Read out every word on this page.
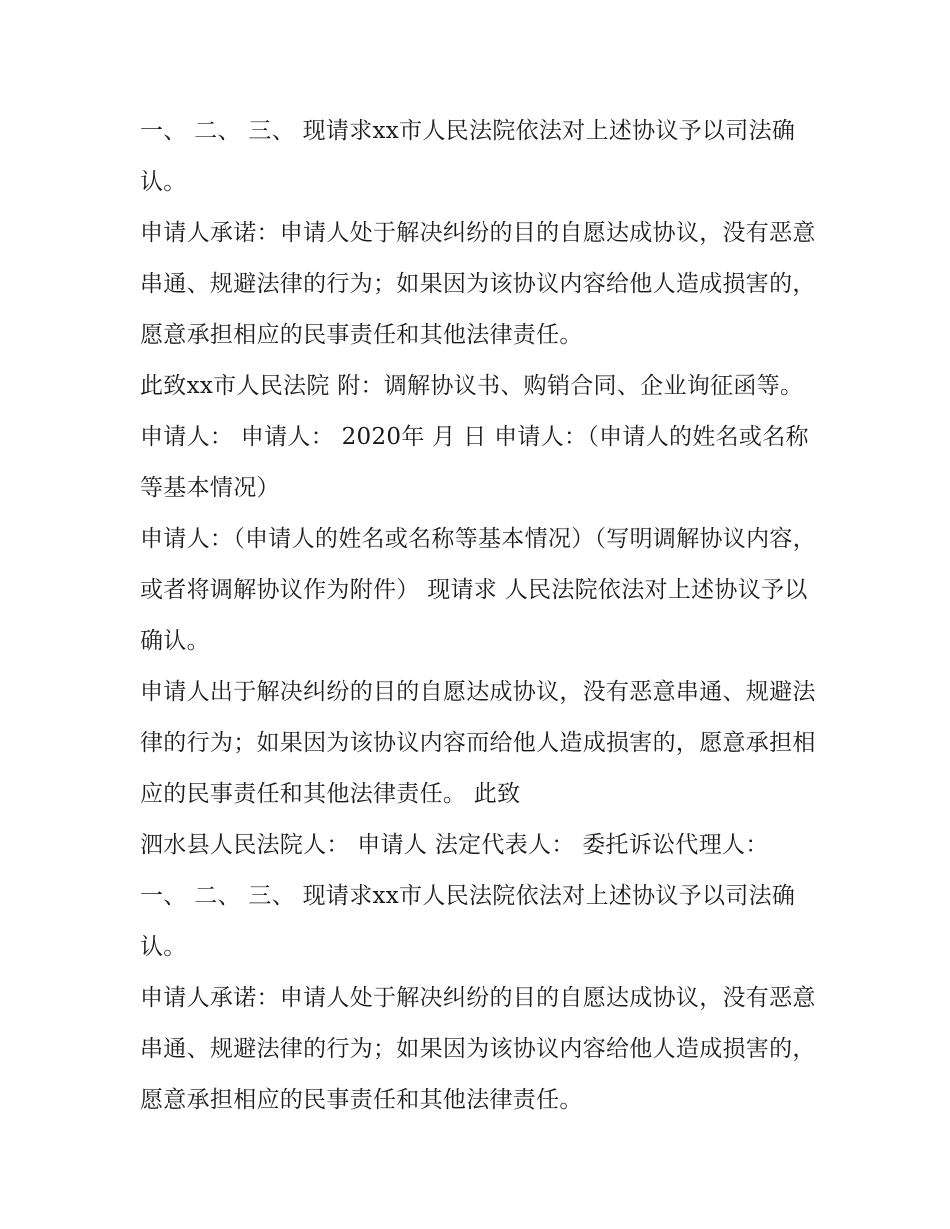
一、 二、 三、 现请求xx市人民法院依法对上述协议予以司法确认。

申请人承诺：申请人处于解决纠纷的目的自愿达成协议，没有恶意串通、规避法律的行为；如果因为该协议内容给他人造成损害的，愿意承担相应的民事责任和其他法律责任。

此致xx市人民法院 附：调解协议书、购销合同、企业询征函等。 申请人： 申请人： 2020年 月 日 申请人：（申请人的姓名或名称等基本情况）

申请人：（申请人的姓名或名称等基本情况）（写明调解协议内容，或者将调解协议作为附件） 现请求 人民法院依法对上述协议予以确认。

申请人出于解决纠纷的目的自愿达成协议，没有恶意串通、规避法律的行为；如果因为该协议内容而给他人造成损害的，愿意承担相应的民事责任和其他法律责任。 此致

泗水县人民法院人： 申请人 法定代表人： 委托诉讼代理人：

一、 二、 三、 现请求xx市人民法院依法对上述协议予以司法确认。

申请人承诺：申请人处于解决纠纷的目的自愿达成协议，没有恶意串通、规避法律的行为；如果因为该协议内容给他人造成损害的，愿意承担相应的民事责任和其他法律责任。
